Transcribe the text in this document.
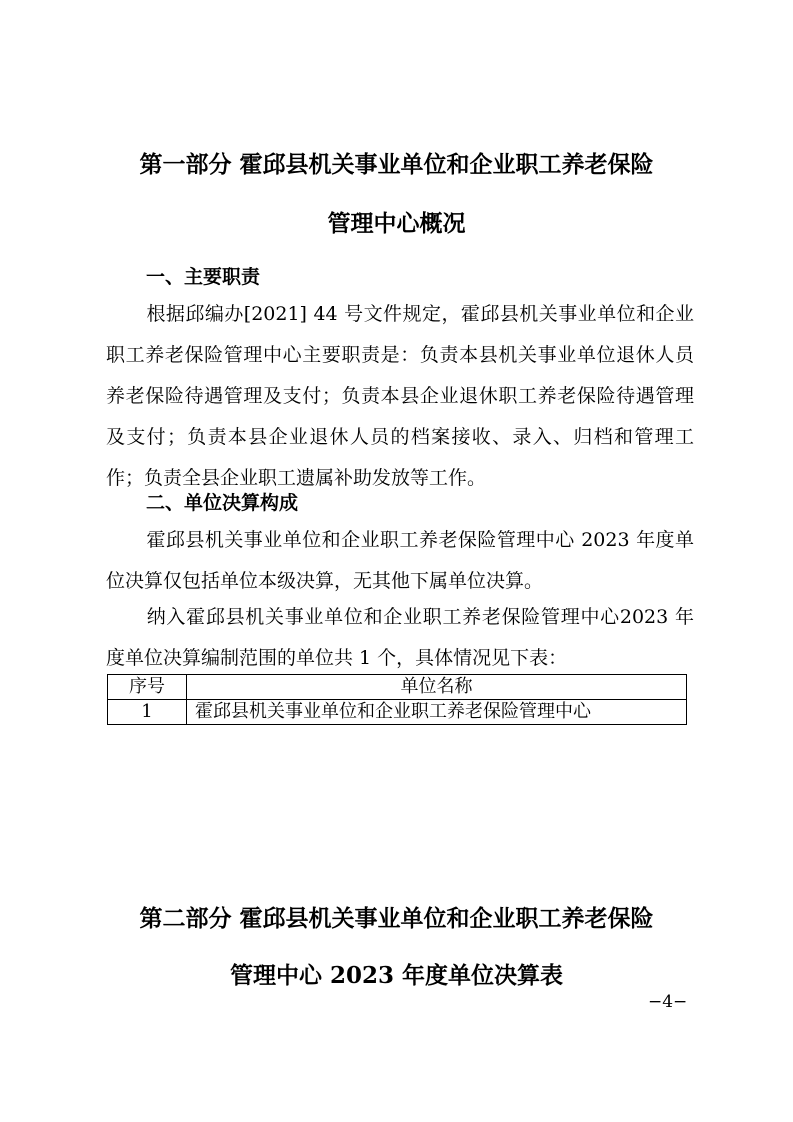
第一部分 霍邱县机关事业单位和企业职工养老保险
管理中心概况
一、主要职责

根据邱编办[2021] 44 号文件规定，霍邱县机关事业单位和企业职工养老保险管理中心主要职责是：负责本县机关事业单位退休人员养老保险待遇管理及支付；负责本县企业退休职工养老保险待遇管理及支付；负责本县企业退休人员的档案接收、录入、归档和管理工作；负责全县企业职工遗属补助发放等工作。

二、单位决算构成

霍邱县机关事业单位和企业职工养老保险管理中心 2023 年度单位决算仅包括单位本级决算，无其他下属单位决算。

纳入霍邱县机关事业单位和企业职工养老保险管理中心2023 年度单位决算编制范围的单位共 1 个，具体情况见下表：

序号	单位名称
1	霍邱县机关事业单位和企业职工养老保险管理中心
第二部分 霍邱县机关事业单位和企业职工养老保险
管理中心 2023 年度单位决算表
−4−
